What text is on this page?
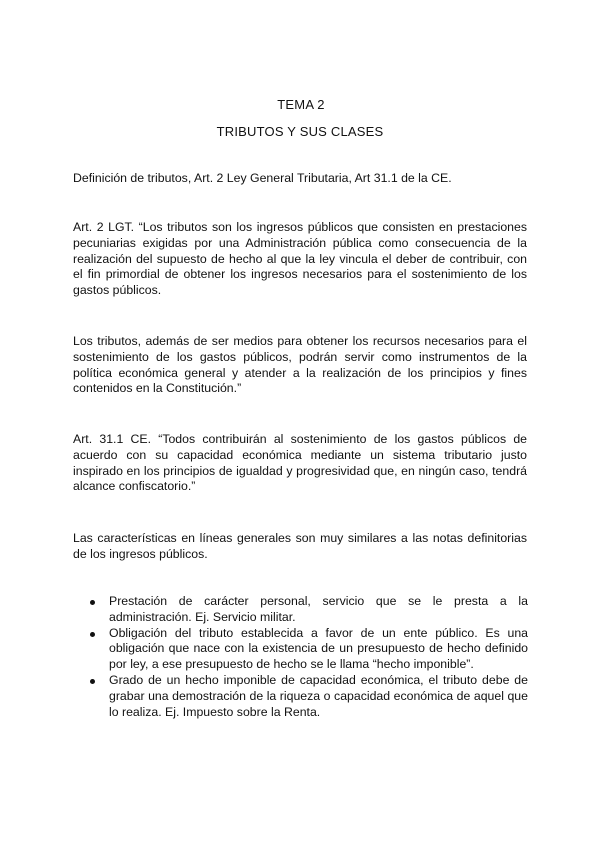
TEMA 2
TRIBUTOS Y SUS CLASES

Definición de tributos, Art. 2 Ley General Tributaria, Art 31.1 de la CE.

Art. 2 LGT. “Los tributos son los ingresos públicos que consisten en prestaciones pecuniarias exigidas por una Administración pública como consecuencia de la realización del supuesto de hecho al que la ley vincula el deber de contribuir, con el fin primordial de obtener los ingresos necesarios para el sostenimiento de los gastos públicos.

Los tributos, además de ser medios para obtener los recursos necesarios para el sostenimiento de los gastos públicos, podrán servir como instrumentos de la política económica general y atender a la realización de los principios y fines contenidos en la Constitución.”

Art. 31.1 CE. “Todos contribuirán al sostenimiento de los gastos públicos de acuerdo con su capacidad económica mediante un sistema tributario justo inspirado en los principios de igualdad y progresividad que, en ningún caso, tendrá alcance confiscatorio.”

Las características en líneas generales son muy similares a las notas definitorias de los ingresos públicos.

Prestación de carácter personal, servicio que se le presta a la administración. Ej. Servicio militar.
Obligación del tributo establecida a favor de un ente público. Es una obligación que nace con la existencia de un presupuesto de hecho definido por ley, a ese presupuesto de hecho se le llama “hecho imponible”.
Grado de un hecho imponible de capacidad económica, el tributo debe de grabar una demostración de la riqueza o capacidad económica de aquel que lo realiza. Ej. Impuesto sobre la Renta.
